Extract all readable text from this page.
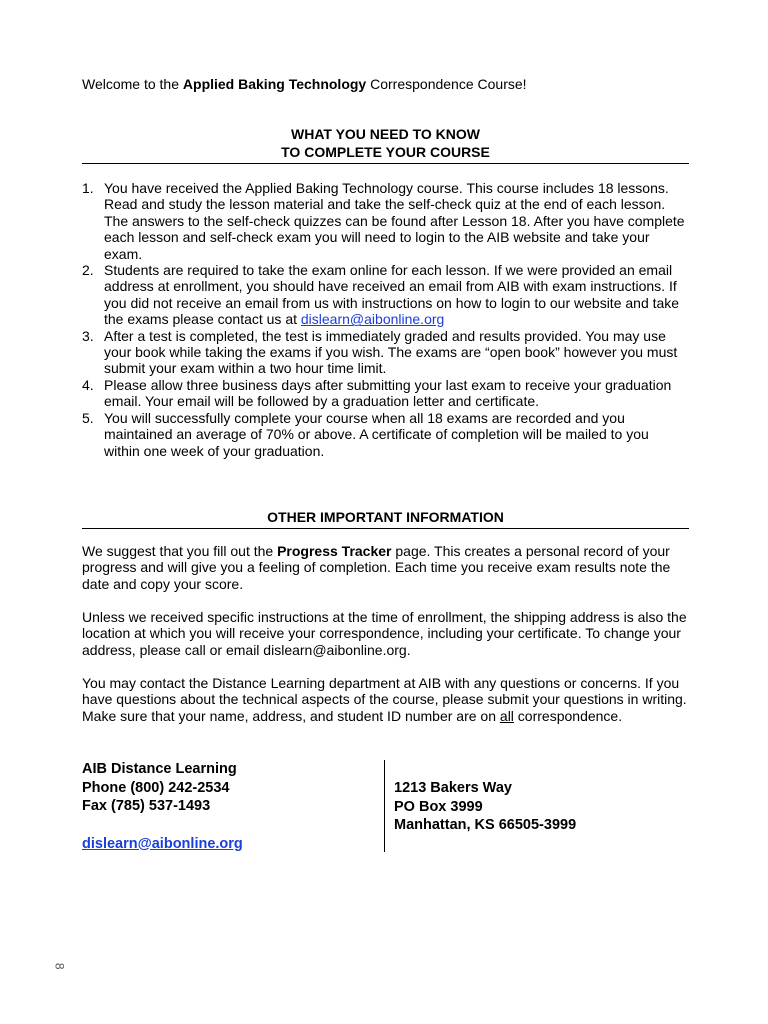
Welcome to the Applied Baking Technology Correspondence Course!
WHAT YOU NEED TO KNOW
TO COMPLETE YOUR COURSE
1. You have received the Applied Baking Technology course. This course includes 18 lessons. Read and study the lesson material and take the self-check quiz at the end of each lesson. The answers to the self-check quizzes can be found after Lesson 18. After you have complete each lesson and self-check exam you will need to login to the AIB website and take your exam.
2. Students are required to take the exam online for each lesson. If we were provided an email address at enrollment, you should have received an email from AIB with exam instructions. If you did not receive an email from us with instructions on how to login to our website and take the exams please contact us at dislearn@aibonline.org
3. After a test is completed, the test is immediately graded and results provided. You may use your book while taking the exams if you wish. The exams are “open book” however you must submit your exam within a two hour time limit.
4. Please allow three business days after submitting your last exam to receive your graduation email. Your email will be followed by a graduation letter and certificate.
5. You will successfully complete your course when all 18 exams are recorded and you maintained an average of 70% or above. A certificate of completion will be mailed to you within one week of your graduation.
OTHER IMPORTANT INFORMATION
We suggest that you fill out the Progress Tracker page. This creates a personal record of your progress and will give you a feeling of completion. Each time you receive exam results note the date and copy your score.
Unless we received specific instructions at the time of enrollment, the shipping address is also the location at which you will receive your correspondence, including your certificate. To change your address, please call or email dislearn@aibonline.org.
You may contact the Distance Learning department at AIB with any questions or concerns. If you have questions about the technical aspects of the course, please submit your questions in writing. Make sure that your name, address, and student ID number are on all correspondence.
AIB Distance Learning
Phone (800) 242-2534
Fax (785) 537-1493
dislearn@aibonline.org
1213 Bakers Way
PO Box 3999
Manhattan, KS 66505-3999
8
